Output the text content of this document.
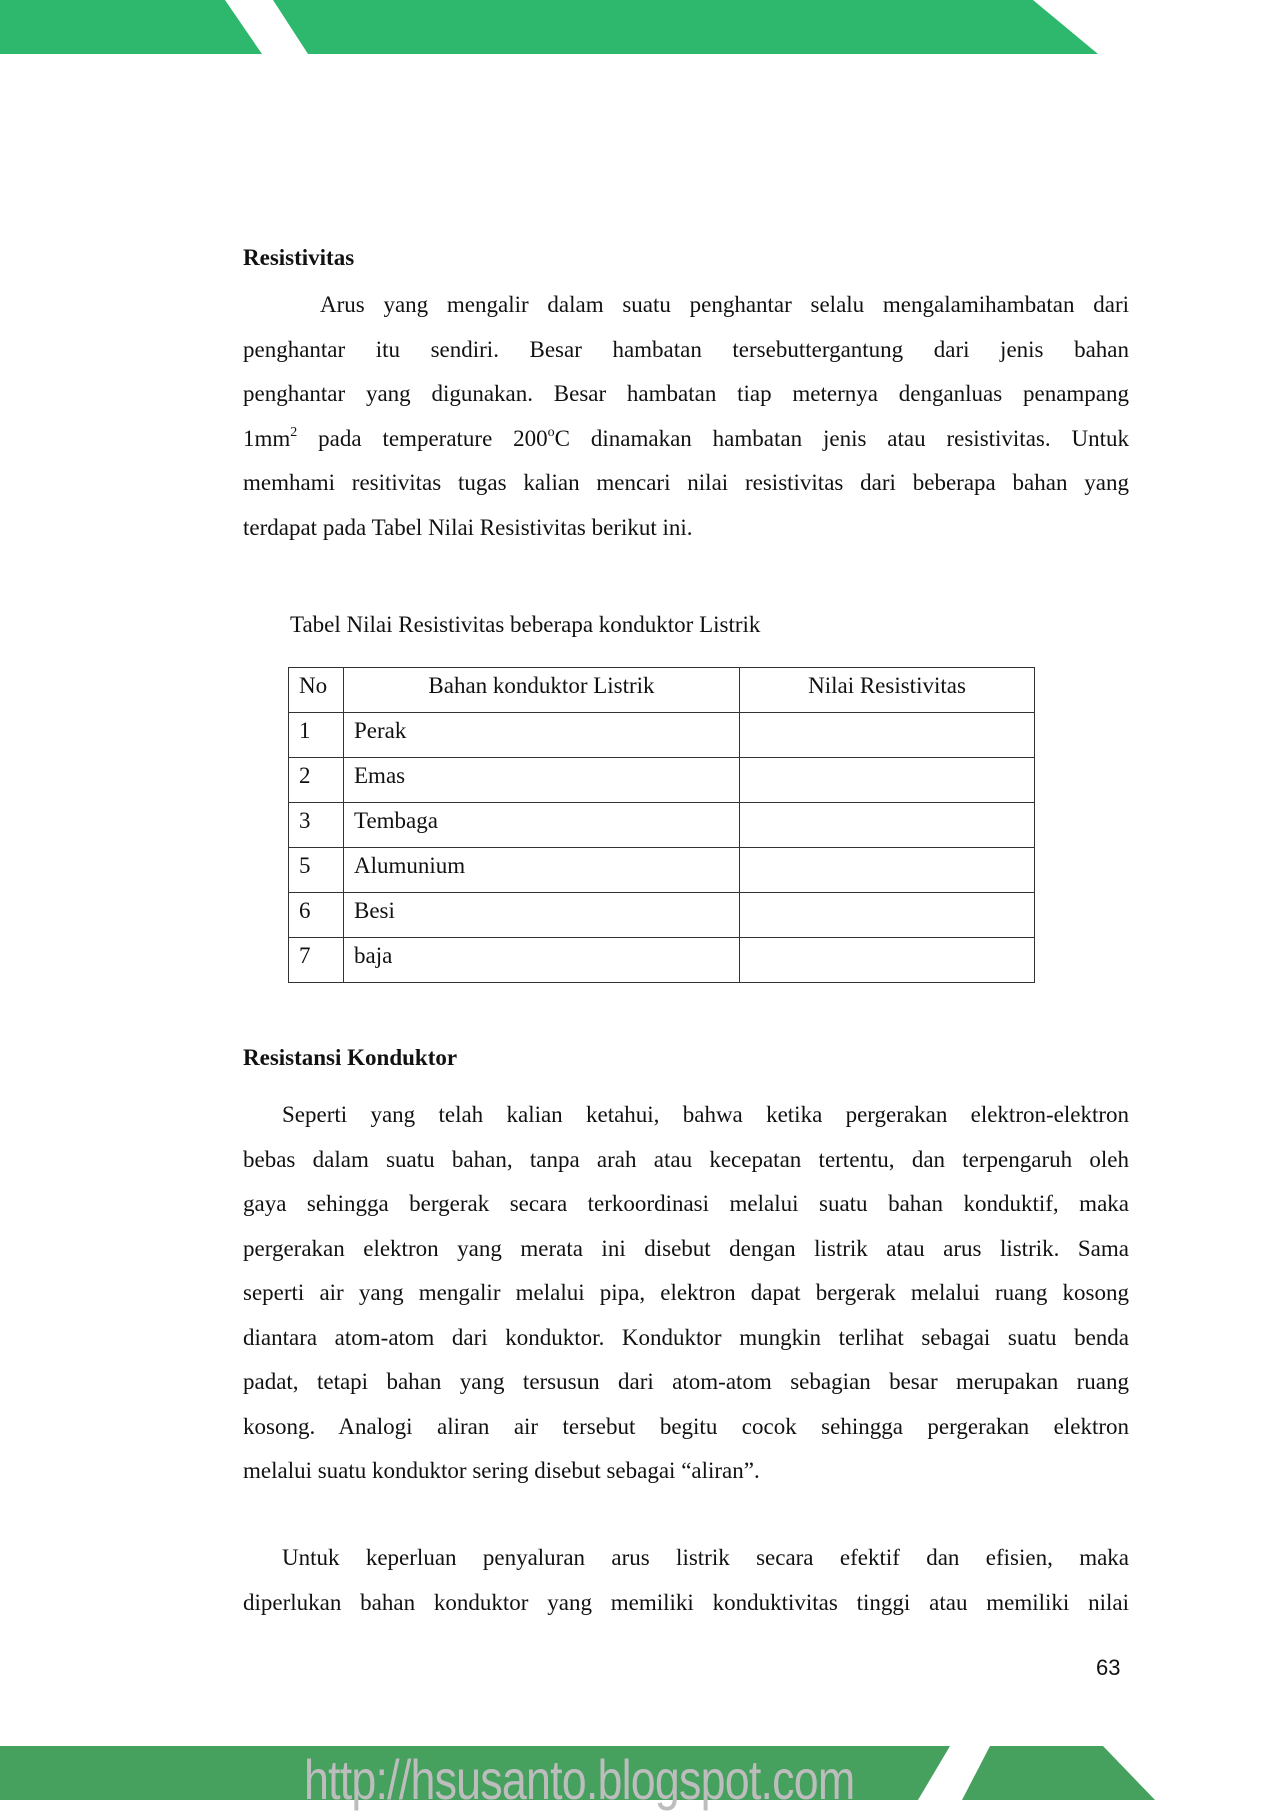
Resistivitas
Arus yang mengalir dalam suatu penghantar selalu mengalamihambatan dari
penghantar itu sendiri. Besar hambatan tersebuttergantung dari jenis bahan
penghantar yang digunakan. Besar hambatan tiap meternya denganluas penampang
$1mm^2$ pada temperature 200$^o$C dinamakan hambatan jenis atau resistivitas. Untuk
memhami resitivitas tugas kalian mencari nilai resistivitas dari beberapa bahan yang
terdapat pada Tabel Nilai Resistivitas berikut ini.
Tabel Nilai Resistivitas beberapa konduktor Listrik
No	Bahan konduktor Listrik	Nilai Resistivitas
1	Perak	
2	Emas	
3	Tembaga	
5	Alumunium	
6	Besi	
7	baja	
Resistansi Konduktor
Seperti yang telah kalian ketahui, bahwa ketika pergerakan elektron-elektron
bebas dalam suatu bahan, tanpa arah atau kecepatan tertentu, dan terpengaruh oleh
gaya sehingga bergerak secara terkoordinasi melalui suatu bahan konduktif, maka
pergerakan elektron yang merata ini disebut dengan listrik atau arus listrik. Sama
seperti air yang mengalir melalui pipa, elektron dapat bergerak melalui ruang kosong
diantara atom-atom dari konduktor. Konduktor mungkin terlihat sebagai suatu benda
padat, tetapi bahan yang tersusun dari atom-atom sebagian besar merupakan ruang
kosong. Analogi aliran air tersebut begitu cocok sehingga pergerakan elektron
melalui suatu konduktor sering disebut sebagai “aliran”.
Untuk keperluan penyaluran arus listrik secara efektif dan efisien, maka
diperlukan bahan konduktor yang memiliki konduktivitas tinggi atau memiliki nilai
63
http://hsusanto.blogspot.com
